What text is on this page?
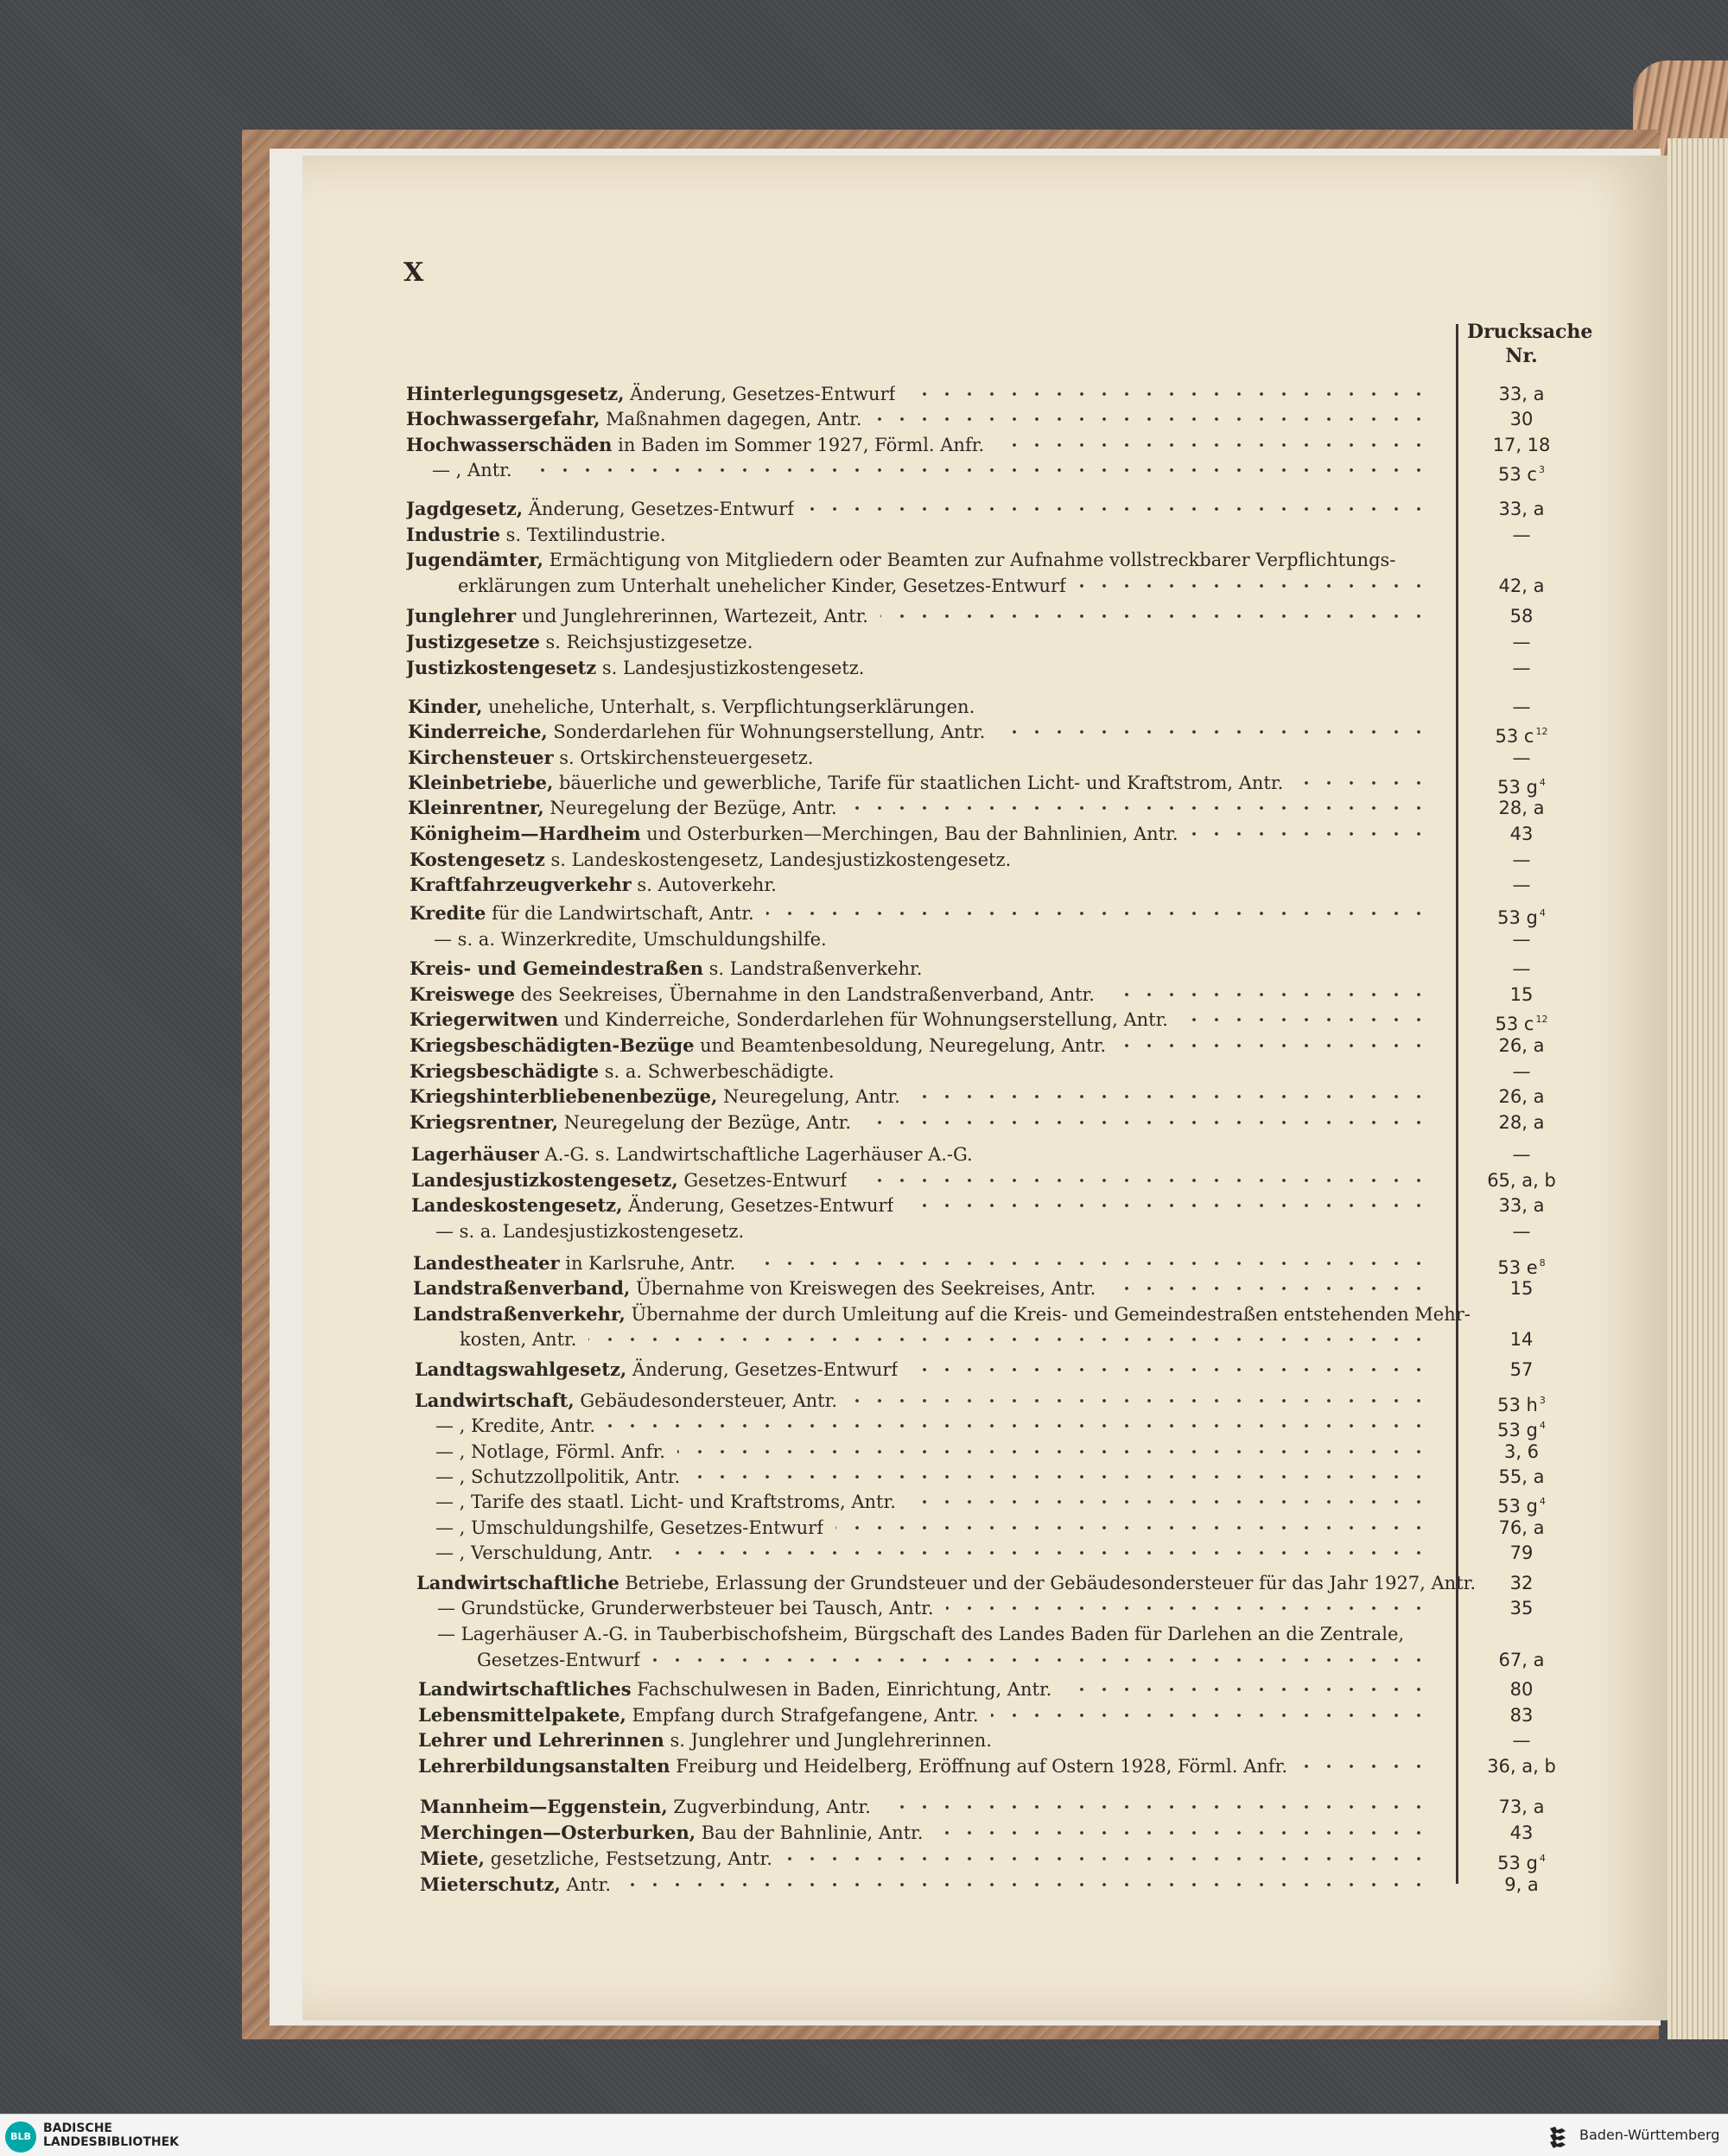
X
Drucksache
Nr.
Hinterlegungsgesetz, Änderung, Gesetzes-Entwurf	33, a
Hochwassergefahr, Maßnahmen dagegen, Antr.	30
Hochwasserschäden in Baden im Sommer 1927, Förml. Anfr.	17, 18
— , Antr.	53 c $^3$
Jagdgesetz, Änderung, Gesetzes-Entwurf	33, a
Industrie s. Textilindustrie.	—
Jugendämter, Ermächtigung von Mitgliedern oder Beamten zur Aufnahme vollstreckbarer Verpflichtungs-
erklärungen zum Unterhalt unehelicher Kinder, Gesetzes-Entwurf	42, a
Junglehrer und Junglehrerinnen, Wartezeit, Antr.	58
Justizgesetze s. Reichsjustizgesetze.	—
Justizkostengesetz s. Landesjustizkostengesetz.	—
Kinder, uneheliche, Unterhalt, s. Verpflichtungserklärungen.	—
Kinderreiche, Sonderdarlehen für Wohnungserstellung, Antr.	53 c $^{12}$
Kirchensteuer s. Ortskirchensteuergesetz.	—
Kleinbetriebe, bäuerliche und gewerbliche, Tarife für staatlichen Licht- und Kraftstrom, Antr.	53 g $^4$
Kleinrentner, Neuregelung der Bezüge, Antr.	28, a
Königheim—Hardheim und Osterburken—Merchingen, Bau der Bahnlinien, Antr.	43
Kostengesetz s. Landeskostengesetz, Landesjustizkostengesetz.	—
Kraftfahrzeugverkehr s. Autoverkehr.	—
Kredite für die Landwirtschaft, Antr.	53 g $^4$
— s. a. Winzerkredite, Umschuldungshilfe.	—
Kreis- und Gemeindestraßen s. Landstraßenverkehr.	—
Kreiswege des Seekreises, Übernahme in den Landstraßenverband, Antr.	15
Kriegerwitwen und Kinderreiche, Sonderdarlehen für Wohnungserstellung, Antr.	53 c $^{12}$
Kriegsbeschädigten-Bezüge und Beamtenbesoldung, Neuregelung, Antr.	26, a
Kriegsbeschädigte s. a. Schwerbeschädigte.	—
Kriegshinterbliebenenbezüge, Neuregelung, Antr.	26, a
Kriegsrentner, Neuregelung der Bezüge, Antr.	28, a
Lagerhäuser A.-G. s. Landwirtschaftliche Lagerhäuser A.-G.	—
Landesjustizkostengesetz, Gesetzes-Entwurf	65, a, b
Landeskostengesetz, Änderung, Gesetzes-Entwurf	33, a
— s. a. Landesjustizkostengesetz.	—
Landestheater in Karlsruhe, Antr.	53 e $^8$
Landstraßenverband, Übernahme von Kreiswegen des Seekreises, Antr.	15
Landstraßenverkehr, Übernahme der durch Umleitung auf die Kreis- und Gemeindestraßen entstehenden Mehr-
kosten, Antr.	14
Landtagswahlgesetz, Änderung, Gesetzes-Entwurf	57
Landwirtschaft, Gebäudesondersteuer, Antr.	53 h $^3$
— , Kredite, Antr.	53 g $^4$
— , Notlage, Förml. Anfr.	3, 6
— , Schutzzollpolitik, Antr.	55, a
— , Tarife des staatl. Licht- und Kraftstroms, Antr.	53 g $^4$
— , Umschuldungshilfe, Gesetzes-Entwurf	76, a
— , Verschuldung, Antr.	79
Landwirtschaftliche Betriebe, Erlassung der Grundsteuer und der Gebäudesondersteuer für das Jahr 1927, Antr.	32
— Grundstücke, Grunderwerbsteuer bei Tausch, Antr.	35
— Lagerhäuser A.-G. in Tauberbischofsheim, Bürgschaft des Landes Baden für Darlehen an die Zentrale,
Gesetzes-Entwurf	67, a
Landwirtschaftliches Fachschulwesen in Baden, Einrichtung, Antr.	80
Lebensmittelpakete, Empfang durch Strafgefangene, Antr.	83
Lehrer und Lehrerinnen s. Junglehrer und Junglehrerinnen.	—
Lehrerbildungsanstalten Freiburg und Heidelberg, Eröffnung auf Ostern 1928, Förml. Anfr.	36, a, b
Mannheim—Eggenstein, Zugverbindung, Antr.	73, a
Merchingen—Osterburken, Bau der Bahnlinie, Antr.	43
Miete, gesetzliche, Festsetzung, Antr.	53 g $^4$
Mieterschutz, Antr.	9, a
BLB
BADISCHE
LANDESBIBLIOTHEK	Baden-Württemberg
